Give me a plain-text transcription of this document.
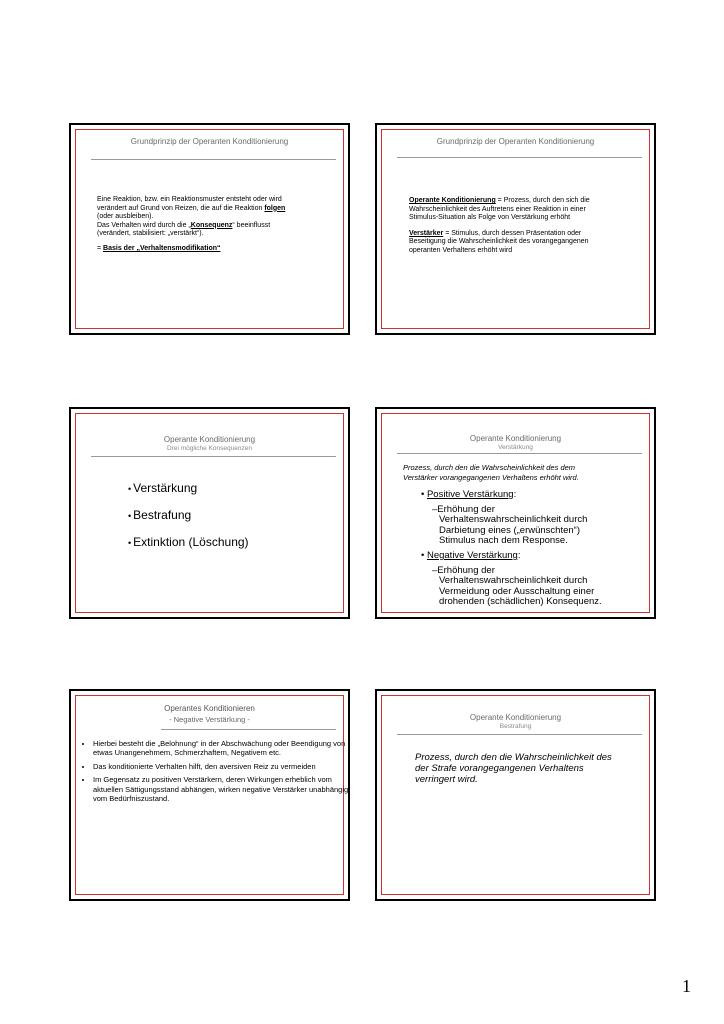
Grundprinzip der Operanten Konditionierung
Eine Reaktion, bzw. ein Reaktionsmuster entsteht oder wird
verändert auf Grund von Reizen, die auf die Reaktion folgen
(oder ausbleiben).
Das Verhalten wird durch die „Konsequenz“ beeinflusst
(verändert, stabilisiert: „verstärkt“).
= Basis der „Verhaltensmodifikation“
Grundprinzip der Operanten Konditionierung
Operante Konditionierung = Prozess, durch den sich die
Wahrscheinlichkeit des Auftretens einer Reaktion in einer
Stimulus-Situation als Folge von Verstärkung erhöht
Verstärker = Stimulus, durch dessen Präsentation oder
Beseitigung die Wahrscheinlichkeit des vorangegangenen
operanten Verhaltens erhöht wird
Operante Konditionierung
Drei mögliche Konsequenzen
• Verstärkung
• Bestrafung
• Extinktion (Löschung)
Operante Konditionierung
Verstärkung
Prozess, durch den die Wahrscheinlichkeit des dem
Verstärker vorangegangenen Verhaltens erhöht wird.
• Positive Verstärkung:
–Erhöhung der
Verhaltenswahrscheinlichkeit durch
Darbietung eines („erwünschten“)
Stimulus nach dem Response.
• Negative Verstärkung:
–Erhöhung der
Verhaltenswahrscheinlichkeit durch
Vermeidung oder Ausschaltung einer
drohenden (schädlichen) Konsequenz.
Operantes Konditionieren
- Negative Verstärkung -
• Hierbei besteht die „Belohnung“ in der Abschwächung oder Beendigung von etwas Unangenehmem, Schmerzhaftem, Negativem etc.
• Das konditionierte Verhalten hilft, den aversiven Reiz zu vermeiden
• Im Gegensatz zu positiven Verstärkern, deren Wirkungen erheblich vom aktuellen Sättigungsstand abhängen, wirken negative Verstärker unabhängig vom Bedürfniszustand.
Operante Konditionierung
Bestrafung
Prozess, durch den die Wahrscheinlichkeit des
der Strafe vorangegangenen Verhaltens
verringert wird.
1
